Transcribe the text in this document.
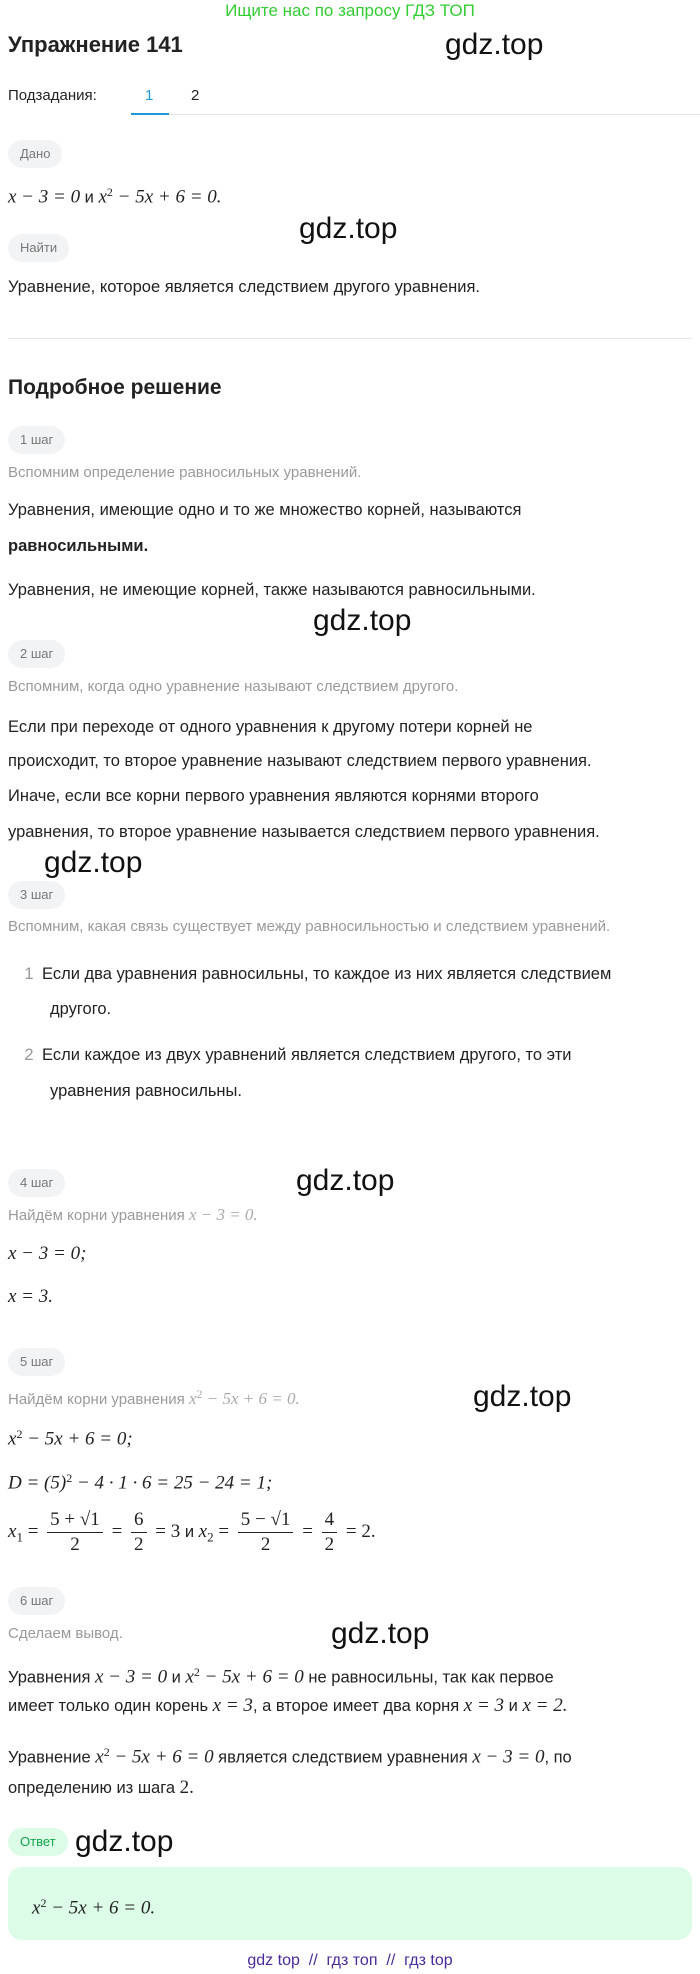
Ищите нас по запросу ГДЗ ТОП
Упражнение 141	gdz.top
Подзадания:	1	2
Дано
x − 3 = 0 и $x^2 - 5x + 6 = 0$.
gdz.top
Найти
Уравнение, которое является следствием другого уравнения.
Подробное решение
1 шаг
Вспомним определение равносильных уравнений.
Уравнения, имеющие одно и то же множество корней, называются
равносильными.
Уравнения, не имеющие корней, также называются равносильными.
gdz.top
2 шаг
Вспомним, когда одно уравнение называют следствием другого.
Если при переходе от одного уравнения к другому потери корней не
происходит, то второе уравнение называют следствием первого уравнения.
Иначе, если все корни первого уравнения являются корнями второго
уравнения, то второе уравнение называется следствием первого уравнения.
gdz.top
3 шаг
Вспомним, какая связь существует между равносильностью и следствием уравнений.
1 Если два уравнения равносильны, то каждое из них является следствием
другого.
2 Если каждое из двух уравнений является следствием другого, то эти
уравнения равносильны.
4 шаг	gdz.top
Найдём корни уравнения x − 3 = 0.
x − 3 = 0;
x = 3.
5 шаг
Найдём корни уравнения $x^2 - 5x + 6 = 0$.	gdz.top
$x^2 - 5x + 6 = 0$;
$D = (5)^2 - 4 \cdot 1 \cdot 6 = 25 - 24 = 1$;
$x_1 = \frac{5 + √1}{2} = \frac{6}{2} = 3$ и $x_2 = \frac{5 - √1}{2} = \frac{4}{2} = 2$.
6 шаг
Сделаем вывод.	gdz.top
Уравнения x − 3 = 0 и $x^2 - 5x + 6 = 0$ не равносильны, так как первое
имеет только один корень x = 3, а второе имеет два корня x = 3 и x = 2.
Уравнение $x^2 - 5x + 6 = 0$ является следствием уравнения x − 3 = 0, по
определению из шага 2.
Ответ gdz.top
$x^2 - 5x + 6 = 0$.
gdz top  //  гдз топ  //  гдз top
